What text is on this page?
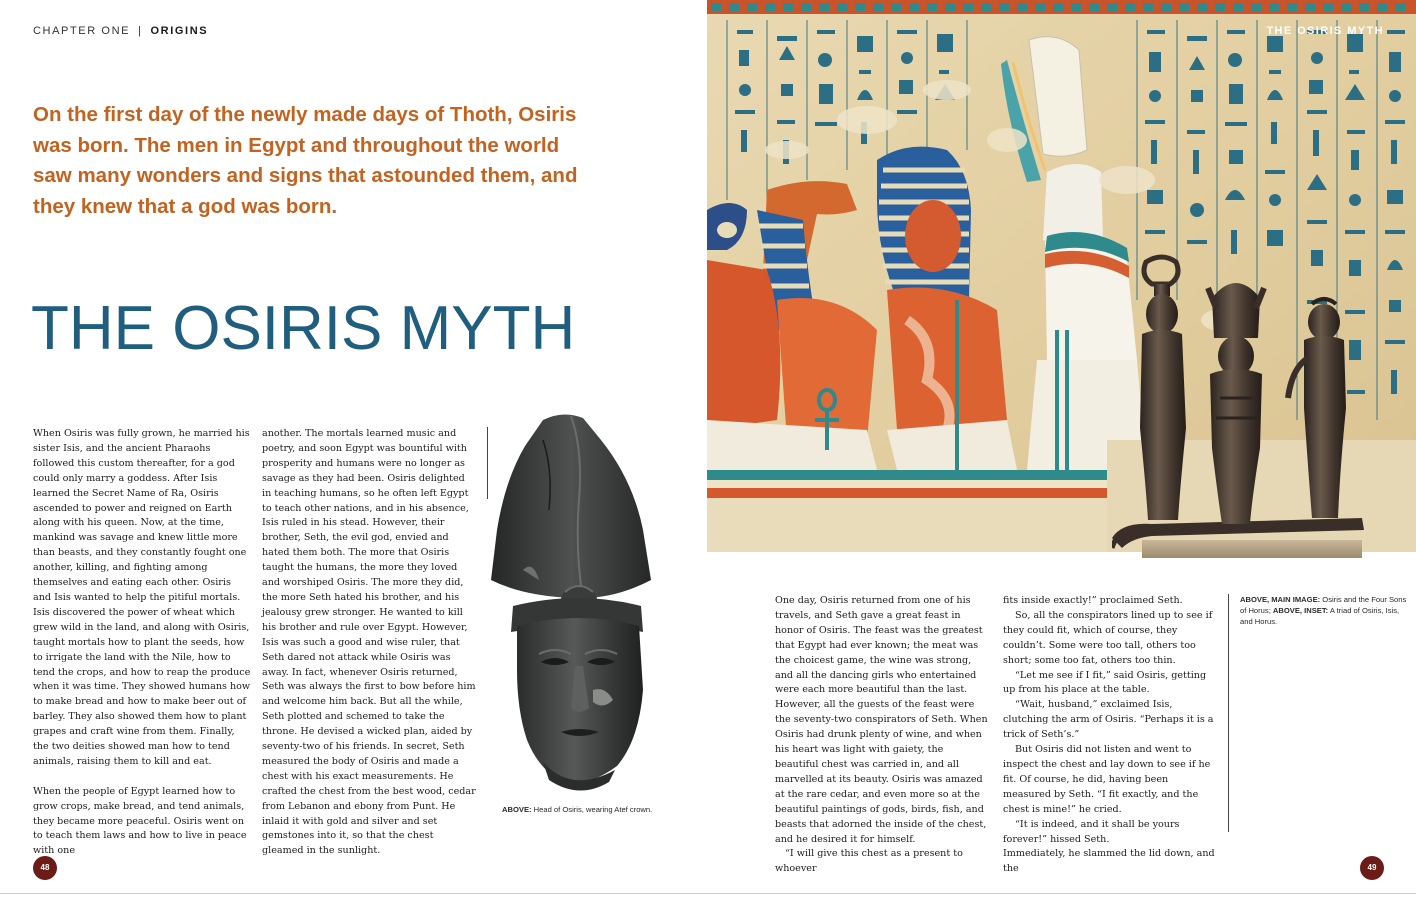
CHAPTER ONE | ORIGINS
On the first day of the newly made days of Thoth, Osiris was born. The men in Egypt and throughout the world saw many wonders and signs that astounded them, and they knew that a god was born.
THE OSIRIS MYTH

When Osiris was fully grown, he married his sister Isis, and the ancient Pharaohs followed this custom thereafter, for a god could only marry a goddess. After Isis learned the Secret Name of Ra, Osiris ascended to power and reigned on Earth along with his queen. Now, at the time, mankind was savage and knew little more than beasts, and they constantly fought one another, killing, and fighting among themselves and eating each other. Osiris and Isis wanted to help the pitiful mortals. Isis discovered the power of wheat which grew wild in the land, and along with Osiris, taught mortals how to plant the seeds, how to irrigate the land with the Nile, how to tend the crops, and how to reap the produce when it was time. They showed humans how to make bread and how to make beer out of barley. They also showed them how to plant grapes and craft wine from them. Finally, the two deities showed man how to tend animals, raising them to kill and eat.

When the people of Egypt learned how to grow crops, make bread, and tend animals, they became more peaceful. Osiris went on to teach them laws and how to live in peace with one

another. The mortals learned music and poetry, and soon Egypt was bountiful with prosperity and humans were no longer as savage as they had been. Osiris delighted in teaching humans, so he often left Egypt to teach other nations, and in his absence, Isis ruled in his stead. However, their brother, Seth, the evil god, envied and hated them both. The more that Osiris taught the humans, the more they loved and worshiped Osiris. The more they did, the more Seth hated his brother, and his jealousy grew stronger. He wanted to kill his brother and rule over Egypt. However, Isis was such a good and wise ruler, that Seth dared not attack while Osiris was away. In fact, whenever Osiris returned, Seth was always the first to bow before him and welcome him back. But all the while, Seth plotted and schemed to take the throne. He devised a wicked plan, aided by seventy-two of his friends. In secret, Seth measured the body of Osiris and made a chest with his exact measurements. He crafted the chest from the best wood, cedar from Lebanon and ebony from Punt. He inlaid it with gold and silver and set gemstones into it, so that the chest gleamed in the sunlight.

ABOVE: Head of Osiris, wearing Atef crown.
48
THE OSIRIS MYTH

One day, Osiris returned from one of his travels, and Seth gave a great feast in honor of Osiris. The feast was the greatest that Egypt had ever known; the meat was the choicest game, the wine was strong, and all the dancing girls who entertained were each more beautiful than the last. However, all the guests of the feast were the seventy-two conspirators of Seth. When Osiris had drunk plenty of wine, and when his heart was light with gaiety, the beautiful chest was carried in, and all marvelled at its beauty. Osiris was amazed at the rare cedar, and even more so at the beautiful paintings of gods, birds, fish, and beasts that adorned the inside of the chest, and he desired it for himself.

“I will give this chest as a present to whoever

fits inside exactly!” proclaimed Seth.

So, all the conspirators lined up to see if they could fit, which of course, they couldn’t. Some were too tall, others too short; some too fat, others too thin.

“Let me see if I fit,” said Osiris, getting up from his place at the table.

“Wait, husband,” exclaimed Isis, clutching the arm of Osiris. “Perhaps it is a trick of Seth’s.”

But Osiris did not listen and went to inspect the chest and lay down to see if he fit. Of course, he did, having been measured by Seth. “I fit exactly, and the chest is mine!” he cried.

“It is indeed, and it shall be yours forever!” hissed Seth.

Immediately, he slammed the lid down, and the

ABOVE, MAIN IMAGE: Osiris and the Four Sons of Horus; ABOVE, INSET: A triad of Osiris, Isis, and Horus.
49
